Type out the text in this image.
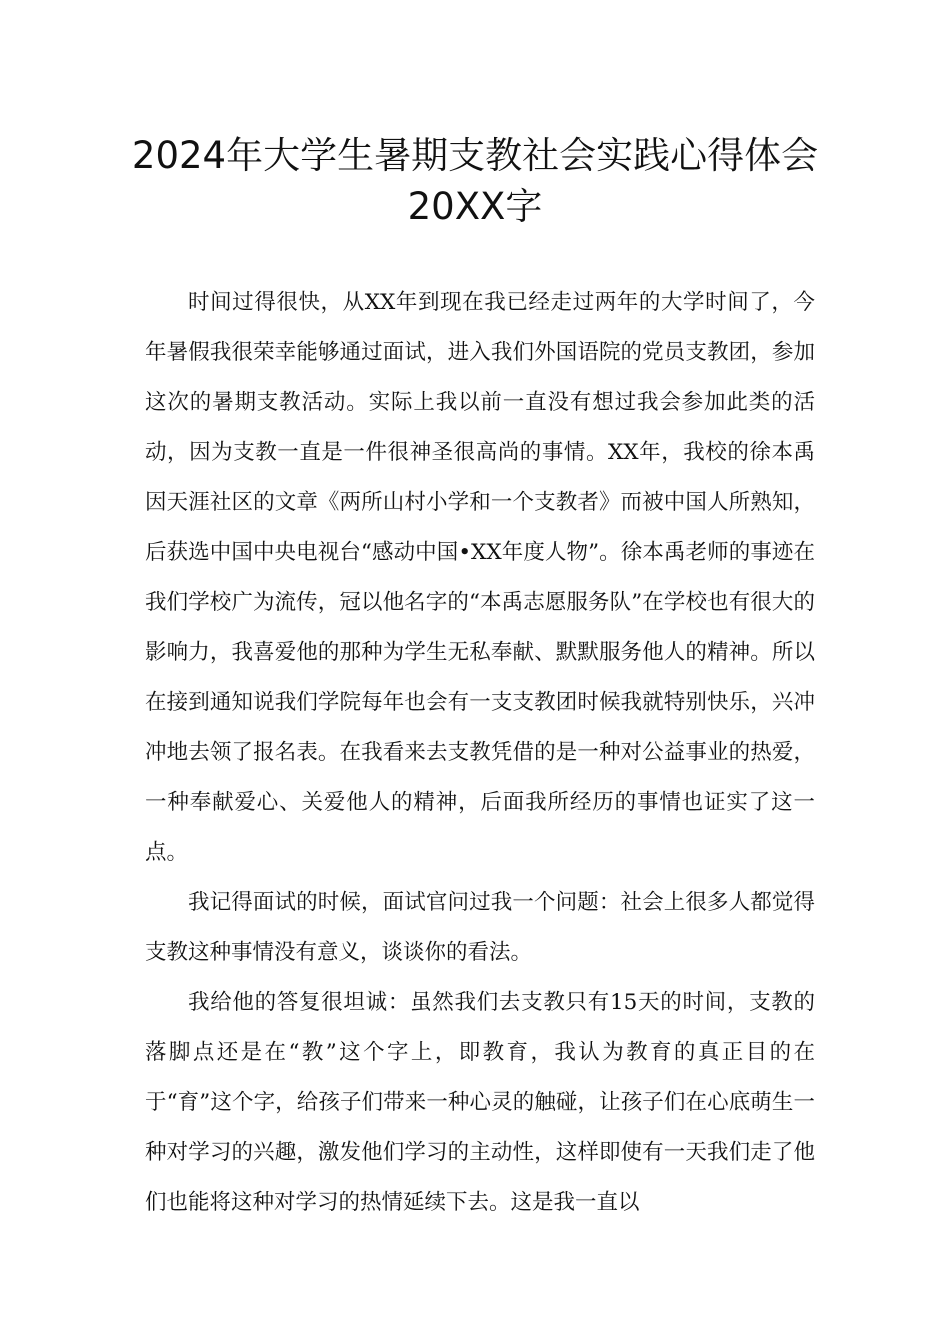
2024年大学生暑期支教社会实践心得体会20XX字

时间过得很快，从XX年到现在我已经走过两年的大学时间了，今年暑假我很荣幸能够通过面试，进入我们外国语院的党员支教团，参加这次的暑期支教活动。实际上我以前一直没有想过我会参加此类的活动，因为支教一直是一件很神圣很高尚的事情。XX年，我校的徐本禹因天涯社区的文章《两所山村小学和一个支教者》而被中国人所熟知，后获选中国中央电视台“感动中国•XX年度人物”。徐本禹老师的事迹在我们学校广为流传，冠以他名字的“本禹志愿服务队”在学校也有很大的影响力，我喜爱他的那种为学生无私奉献、默默服务他人的精神。所以在接到通知说我们学院每年也会有一支支教团时候我就特别快乐，兴冲冲地去领了报名表。在我看来去支教凭借的是一种对公益事业的热爱，一种奉献爱心、关爱他人的精神，后面我所经历的事情也证实了这一点。

我记得面试的时候，面试官问过我一个问题：社会上很多人都觉得支教这种事情没有意义，谈谈你的看法。

我给他的答复很坦诚：虽然我们去支教只有15天的时间，支教的落脚点还是在“教”这个字上，即教育，我认为教育的真正目的在于“育”这个字，给孩子们带来一种心灵的触碰，让孩子们在心底萌生一种对学习的兴趣，激发他们学习的主动性，这样即使有一天我们走了他们也能将这种对学习的热情延续下去。这是我一直以
